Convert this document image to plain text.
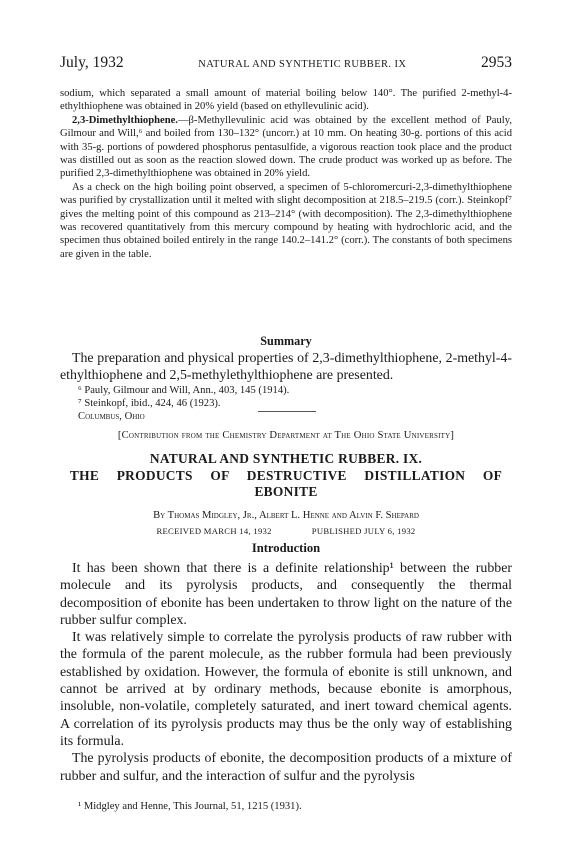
July, 1932	NATURAL AND SYNTHETIC RUBBER. IX	2953

sodium, which separated a small amount of material boiling below 140°. The purified 2-methyl-4-ethylthiophene was obtained in 20% yield (based on ethyllevulinic acid).

2,3-Dimethylthiophene.—β-Methyllevulinic acid was obtained by the excellent method of Pauly, Gilmour and Will,⁶ and boiled from 130–132° (uncorr.) at 10 mm. On heating 30-g. portions of this acid with 35-g. portions of powdered phosphorus pentasulfide, a vigorous reaction took place and the product was distilled out as soon as the reaction slowed down. The crude product was worked up as before. The purified 2,3-dimethylthiophene was obtained in 20% yield.

As a check on the high boiling point observed, a specimen of 5-chloromercuri-2,3-dimethylthiophene was purified by crystallization until it melted with slight decomposition at 218.5–219.5 (corr.). Steinkopf⁷ gives the melting point of this compound as 213–214° (with decomposition). The 2,3-dimethylthiophene was recovered quantitatively from this mercury compound by heating with hydrochloric acid, and the specimen thus obtained boiled entirely in the range 140.2–141.2° (corr.). The constants of both specimens are given in the table.

Summary

The preparation and physical properties of 2,3-dimethylthiophene, 2-methyl-4-ethylthiophene and 2,5-methylethylthiophene are presented.

⁶ Pauly, Gilmour and Will, Ann., 403, 145 (1914).
⁷ Steinkopf, ibid., 424, 46 (1923).
Columbus, Ohio
[Contribution from the Chemistry Department at The Ohio State University]
NATURAL AND SYNTHETIC RUBBER. IX.
THE PRODUCTS OF DESTRUCTIVE DISTILLATION OF
EBONITE
By Thomas Midgley, Jr., Albert L. Henne and Alvin F. Shepard
RECEIVED MARCH 14, 1932	PUBLISHED JULY 6, 1932
Introduction

It has been shown that there is a definite relationship¹ between the rubber molecule and its pyrolysis products, and consequently the thermal decomposition of ebonite has been undertaken to throw light on the nature of the rubber sulfur complex.

It was relatively simple to correlate the pyrolysis products of raw rubber with the formula of the parent molecule, as the rubber formula had been previously established by oxidation. However, the formula of ebonite is still unknown, and cannot be arrived at by ordinary methods, because ebonite is amorphous, insoluble, non-volatile, completely saturated, and inert toward chemical agents. A correlation of its pyrolysis products may thus be the only way of establishing its formula.

The pyrolysis products of ebonite, the decomposition products of a mixture of rubber and sulfur, and the interaction of sulfur and the pyrolysis

¹ Midgley and Henne, This Journal, 51, 1215 (1931).
